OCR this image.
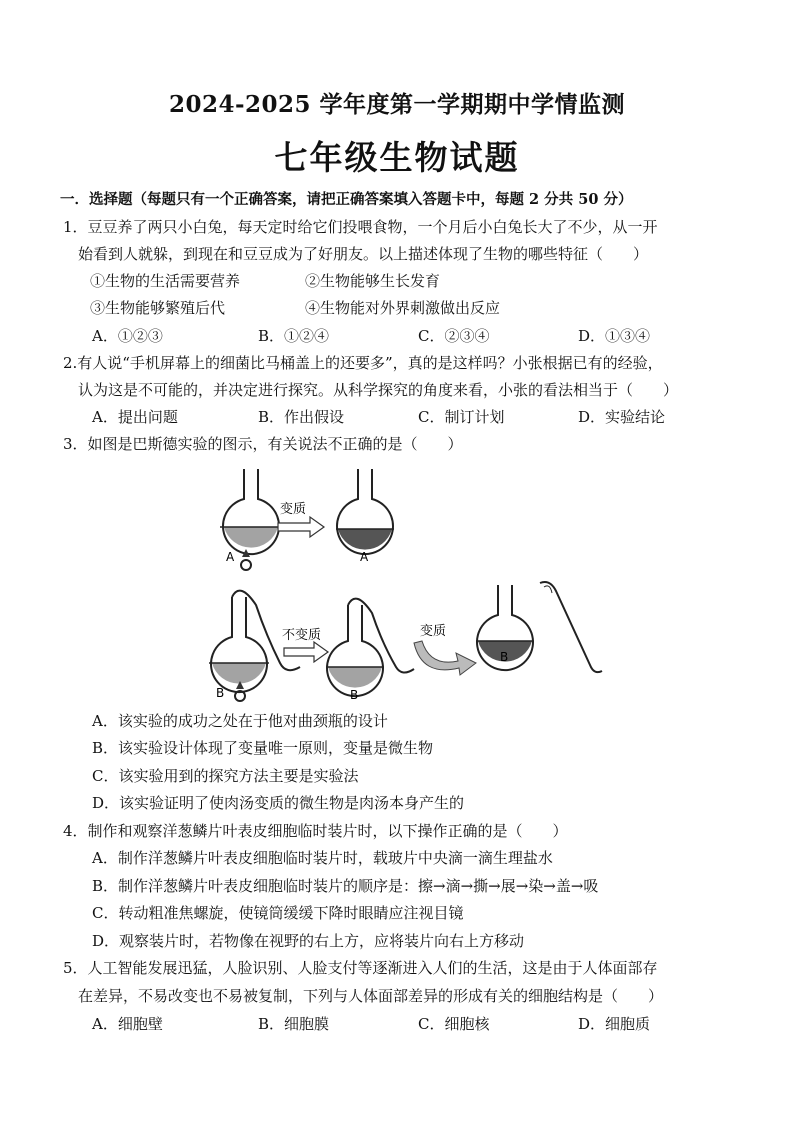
2024-2025 学年度第一学期期中学情监测
七年级生物试题
一．选择题（每题只有一个正确答案，请把正确答案填入答题卡中，每题 2 分共 50 分）
1．豆豆养了两只小白兔，每天定时给它们投喂食物，一个月后小白兔长大了不少，从一开
始看到人就躲，到现在和豆豆成为了好朋友。以上描述体现了生物的哪些特征（　　）
①生物的生活需要营养	②生物能够生长发育
③生物能够繁殖后代	④生物能对外界刺激做出反应
A．①②③	B．①②④	C．②③④	D．①③④
2.有人说“手机屏幕上的细菌比马桶盖上的还要多”，真的是这样吗？小张根据已有的经验，
认为这是不可能的，并决定进行探究。从科学探究的角度来看，小张的看法相当于（　　）
A．提出问题	B．作出假设	C．制订计划	D．实验结论
3．如图是巴斯德实验的图示，有关说法不正确的是（　　）
A
变质
A
B
不变质
B
变质
B
A．该实验的成功之处在于他对曲颈瓶的设计
B．该实验设计体现了变量唯一原则，变量是微生物
C．该实验用到的探究方法主要是实验法
D．该实验证明了使肉汤变质的微生物是肉汤本身产生的
4．制作和观察洋葱鳞片叶表皮细胞临时装片时，以下操作正确的是（　　）
A．制作洋葱鳞片叶表皮细胞临时装片时，载玻片中央滴一滴生理盐水
B．制作洋葱鳞片叶表皮细胞临时装片的顺序是：擦→滴→撕→展→染→盖→吸
C．转动粗准焦螺旋，使镜筒缓缓下降时眼睛应注视目镜
D．观察装片时，若物像在视野的右上方，应将装片向右上方移动
5．人工智能发展迅猛，人脸识别、人脸支付等逐渐进入人们的生活，这是由于人体面部存
在差异，不易改变也不易被复制，下列与人体面部差异的形成有关的细胞结构是（　　）
A．细胞壁	B．细胞膜	C．细胞核	D．细胞质
